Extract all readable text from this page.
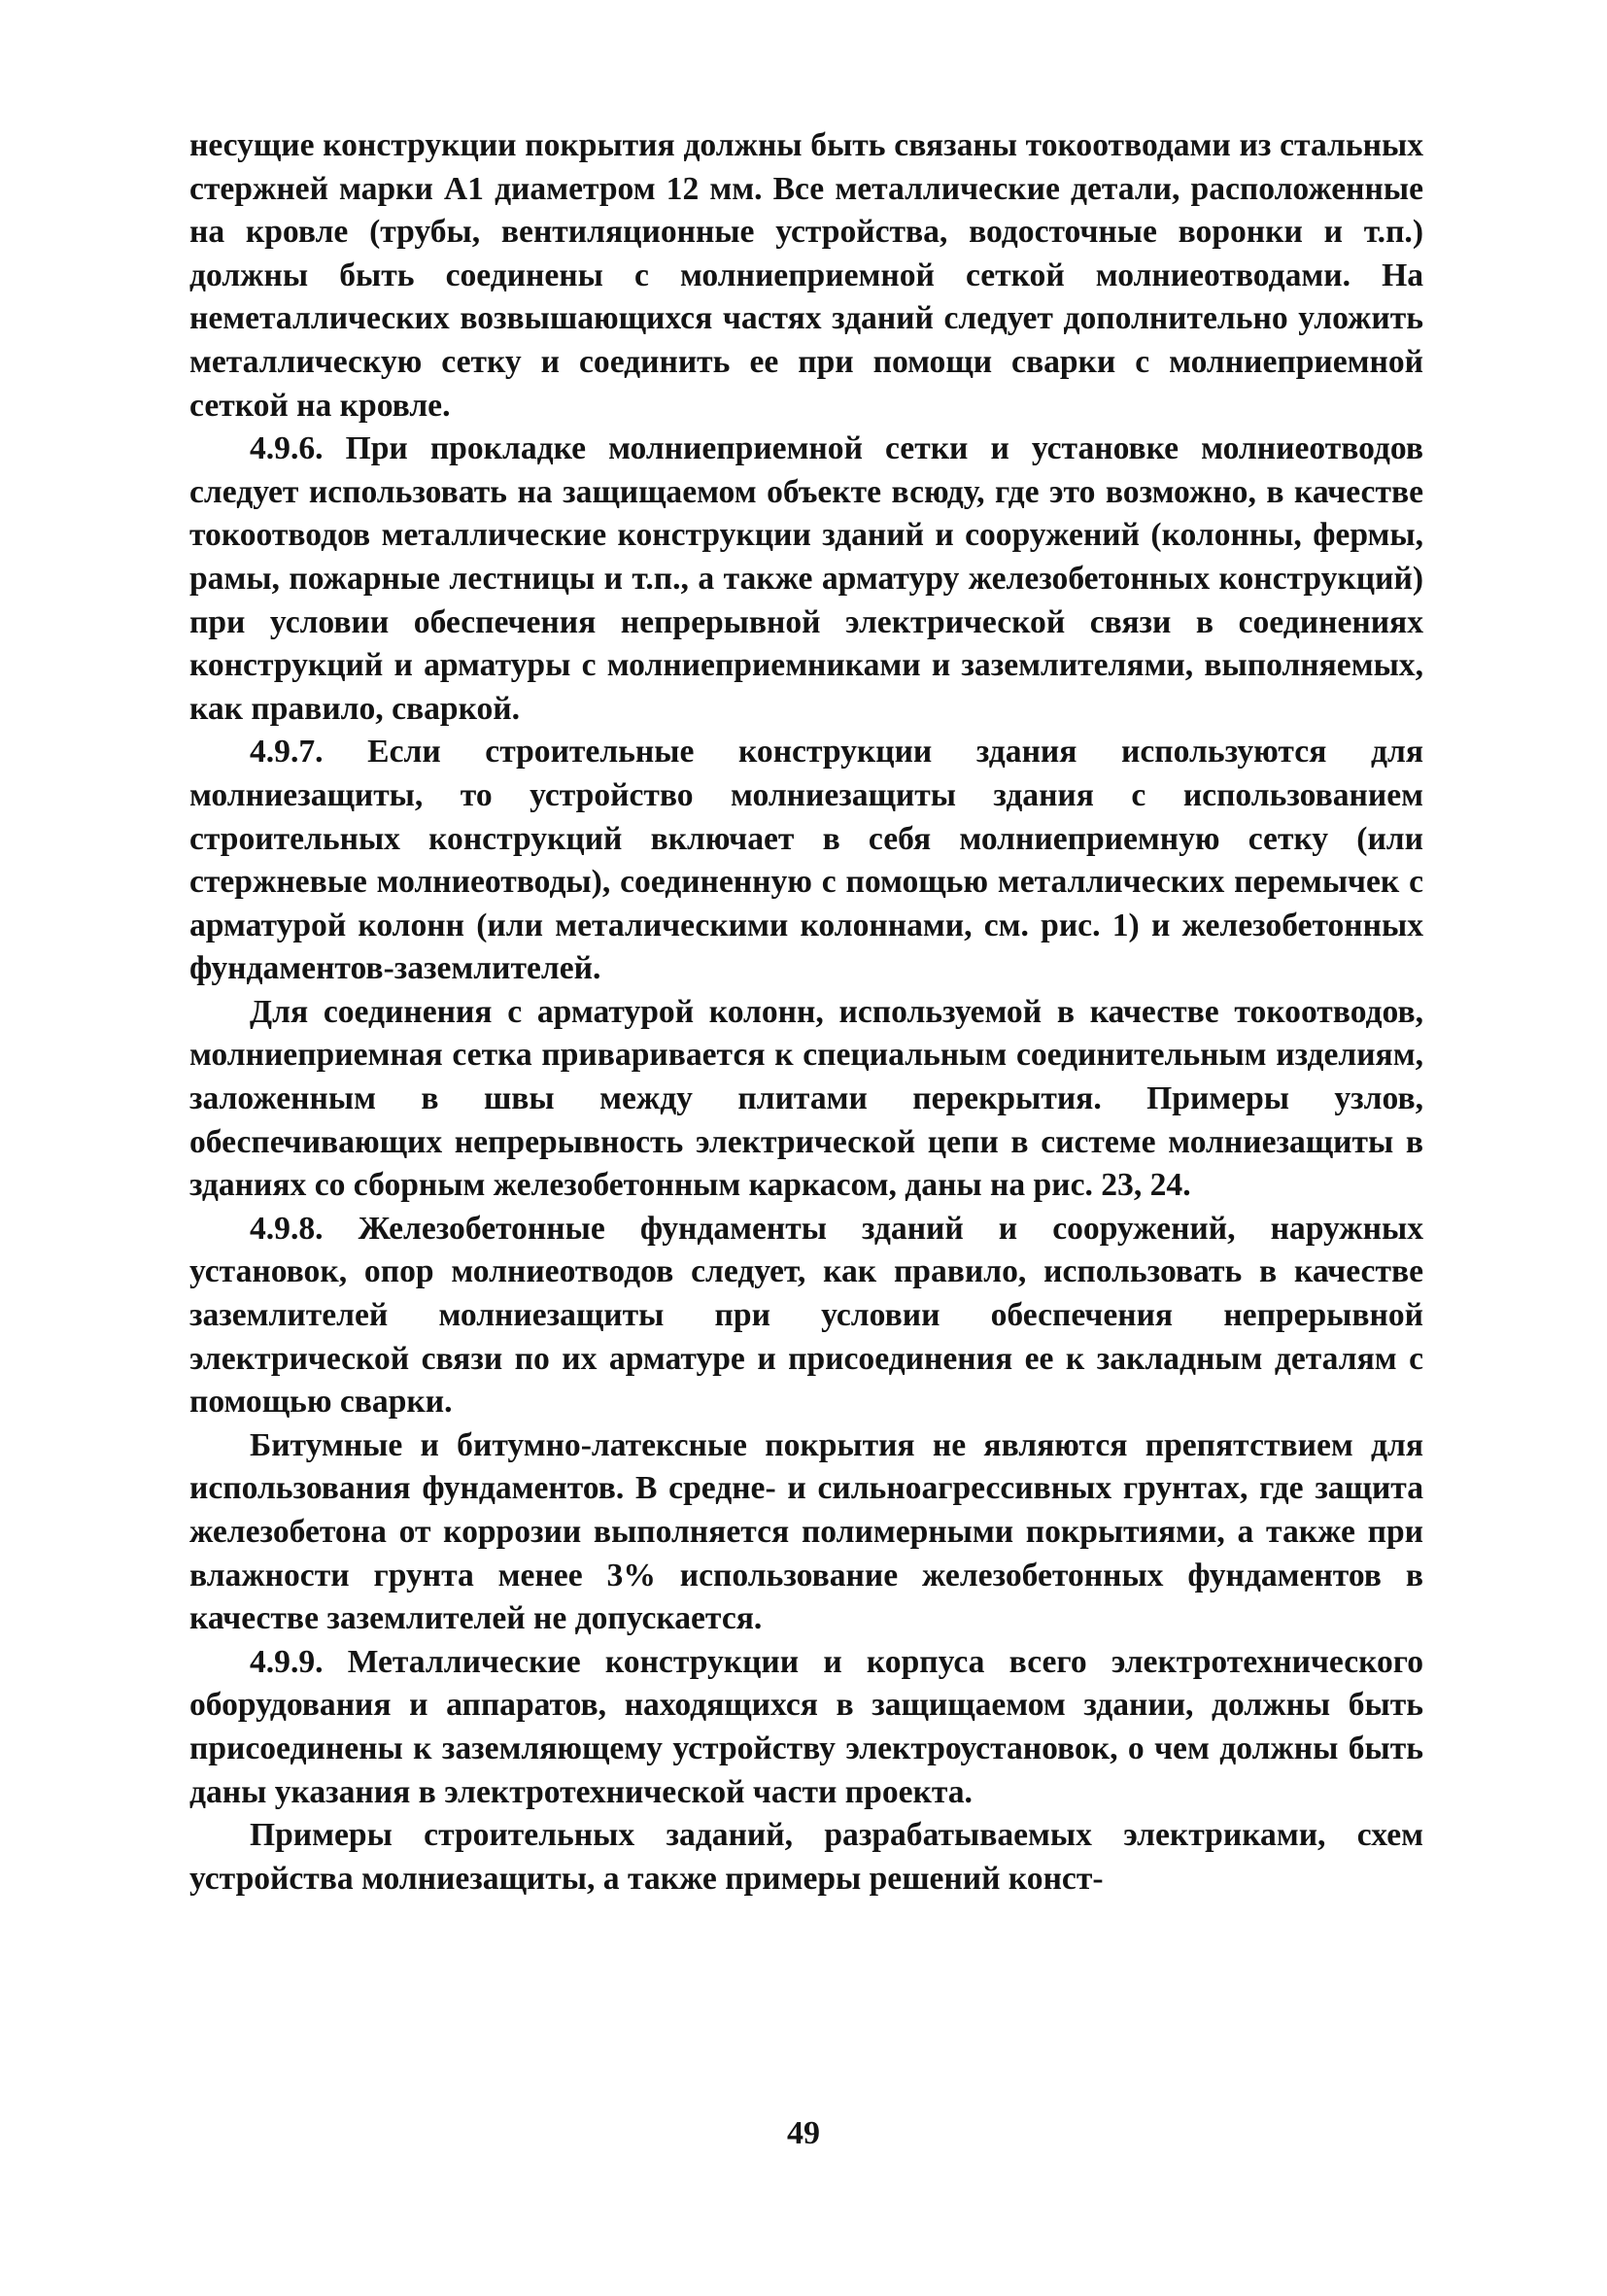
несущие конструкции покрытия должны быть связаны токоотводами из стальных стержней марки А1 диаметром 12 мм. Все металлические детали, расположенные на кровле (трубы, вентиляционные устройства, водосточные воронки и т.п.) должны быть соединены с молниеприемной сеткой молниеотводами. На неметаллических возвышающихся частях зданий следует дополнительно уложить металлическую сетку и соединить ее при помощи сварки с молниеприемной сеткой на кровле.

4.9.6. При прокладке молниеприемной сетки и установке молниеотводов следует использовать на защищаемом объекте всюду, где это возможно, в качестве токоотводов металлические конструкции зданий и сооружений (колонны, фермы, рамы, пожарные лестницы и т.п., а также арматуру железобетонных конструкций) при условии обеспечения непрерывной электрической связи в соединениях конструкций и арматуры с молниеприемниками и заземлителями, выполняемых, как правило, сваркой.

4.9.7. Если строительные конструкции здания используются для молниезащиты, то устройство молниезащиты здания с использованием строительных конструкций включает в себя молниеприемную сетку (или стержневые молниеотводы), соединенную с помощью металлических перемычек с арматурой колонн (или металическими колоннами, см. рис. 1) и железобетонных фундаментов-заземлителей.

Для соединения с арматурой колонн, используемой в качестве токоотводов, молниеприемная сетка приваривается к специальным соединительным изделиям, заложенным в швы между плитами перекрытия. Примеры узлов, обеспечивающих непрерывность электрической цепи в системе молниезащиты в зданиях со сборным железобетонным каркасом, даны на рис. 23, 24.

4.9.8. Железобетонные фундаменты зданий и сооружений, наружных установок, опор молниеотводов следует, как правило, использовать в качестве заземлителей молниезащиты при условии обеспечения непрерывной электрической связи по их арматуре и присоединения ее к закладным деталям с помощью сварки.

Битумные и битумно-латексные покрытия не являются препятствием для использования фундаментов. В средне- и сильноагрессивных грунтах, где защита железобетона от коррозии выполняется полимерными покрытиями, а также при влажности грунта менее 3% использование железобетонных фундаментов в качестве заземлителей не допускается.

4.9.9. Металлические конструкции и корпуса всего электротехнического оборудования и аппаратов, находящихся в защищаемом здании, должны быть присоединены к заземляющему устройству электроустановок, о чем должны быть даны указания в электротехнической части проекта.

Примеры строительных заданий, разрабатываемых электриками, схем устройства молниезащиты, а также примеры решений конст-

49
